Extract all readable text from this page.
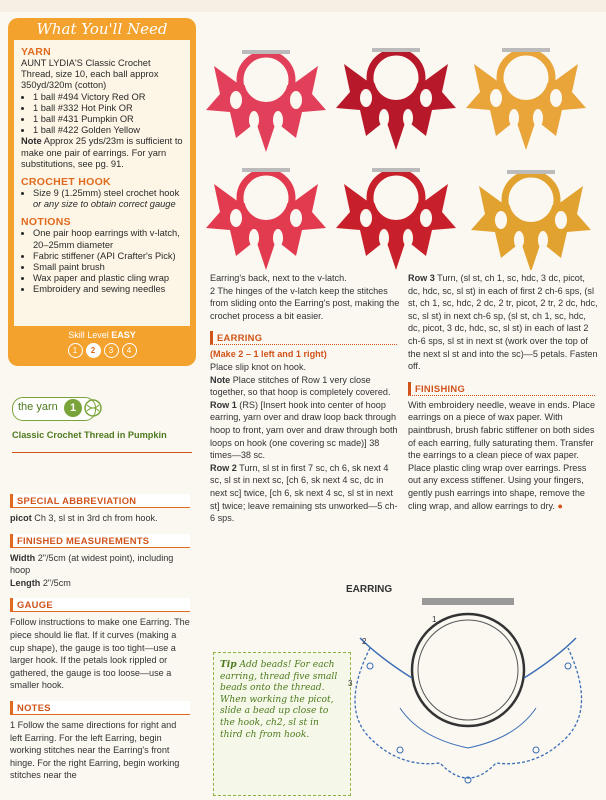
What You'll Need
YARN
AUNT LYDIA'S Classic Crochet Thread, size 10, each ball approx 350yd/320m (cotton)
• 1 ball #494 Victory Red OR
• 1 ball #332 Hot Pink OR
• 1 ball #431 Pumpkin OR
• 1 ball #422 Golden Yellow
Note Approx 25 yds/23m is sufficient to make one pair of earrings. For yarn substitutions, see pg. 91.
CROCHET HOOK
• Size 9 (1.25mm) steel crochet hook
or any size to obtain correct gauge
NOTIONS
• One pair hoop earrings with v-latch, 20–25mm diameter
• Fabric stiffener (API Crafter's Pick)
• Small paint brush
• Wax paper and plastic cling wrap
• Embroidery and sewing needles
Skill Level EASY
1	2	3	4
the yarn	1
Classic Crochet Thread in Pumpkin
SPECIAL ABBREVIATION
picot Ch 3, sl st in 3rd ch from hook.
FINISHED MEASUREMENTS
Width 2"/5cm (at widest point), including hoop
Length 2"/5cm
GAUGE
Follow instructions to make one Earring. The piece should lie flat. If it curves (making a cup shape), the gauge is too tight—use a larger hook. If the petals look rippled or gathered, the gauge is too loose—use a smaller hook.
NOTES
1 Follow the same directions for right and left Earring. For the left Earring, begin working stitches near the Earring's front hinge. For the right Earring, begin working stitches near the
Earring's back, next to the v-latch.
2 The hinges of the v-latch keep the stitches from sliding onto the Earring's post, making the crochet process a bit easier.
EARRING
(Make 2 – 1 left and 1 right)
Place slip knot on hook.
Note Place stitches of Row 1 very close together, so that hoop is completely covered.
Row 1 (RS) [Insert hook into center of hoop earring, yarn over and draw loop back through hoop to front, yarn over and draw through both loops on hook (one covering sc made)] 38 times—38 sc.
Row 2 Turn, sl st in first 7 sc, ch 6, sk next 4 sc, sl st in next sc, [ch 6, sk next 4 sc, dc in next sc] twice, [ch 6, sk next 4 sc, sl st in next st] twice; leave remaining sts unworked—5 ch-6 sps.
Row 3 Turn, (sl st, ch 1, sc, hdc, 3 dc, picot, dc, hdc, sc, sl st) in each of first 2 ch-6 sps, (sl st, ch 1, sc, hdc, 2 dc, 2 tr, picot, 2 tr, 2 dc, hdc, sc, sl st) in next ch-6 sp, (sl st, ch 1, sc, hdc, dc, picot, 3 dc, hdc, sc, sl st) in each of last 2 ch-6 sps, sl st in next st (work over the top of the next sl st and into the sc)—5 petals. Fasten off.
FINISHING
With embroidery needle, weave in ends. Place earrings on a piece of wax paper. With paintbrush, brush fabric stiffener on both sides of each earring, fully saturating them. Transfer the earrings to a clean piece of wax paper. Place plastic cling wrap over earrings. Press out any excess stiffener. Using your fingers, gently push earrings into shape, remove the cling wrap, and allow earrings to dry. ●
Tip Add beads! For each earring, thread five small beads onto the thread. When working the picot, slide a bead up close to the hook, ch2, sl st in third ch from hook.
EARRING
1
2
3
